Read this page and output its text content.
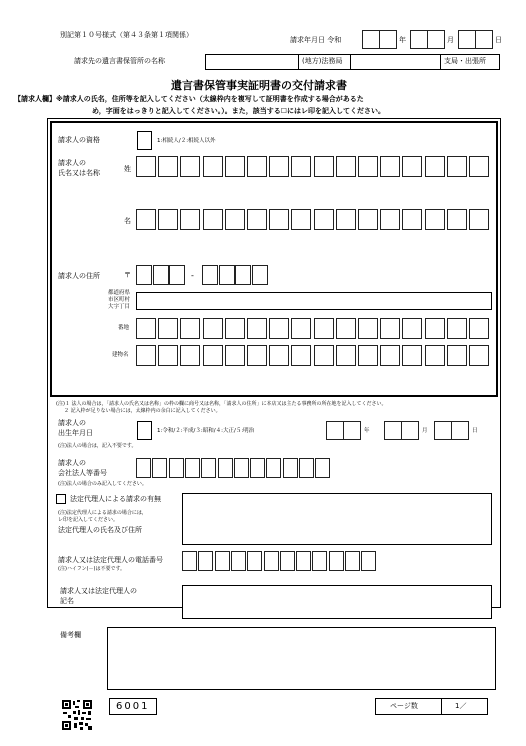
別記第１０号様式（第４３条第１項関係）
請求年月日 令和	年	月	日
請求先の遺言書保管所の名称	(地方)法務局	支局・出張所
遺言書保管事実証明書の交付請求書
【請求人欄】※請求人の氏名，住所等を記入してください（太線枠内を複写して証明書を作成する場合があるた
め，字面をはっきりと記入してください。）。また，該当する☐にはレ印を記入してください。
請求人の資格	1:相続人/２:相続人以外
請求人の
氏名又は名称	姓
名
請求人の住所	〒	-
都道府県
市区町村
大字丁目
番地
建物名
(注)１ 法人の場合は，「請求人の氏名又は名称」の枠の欄に商号又は名称，「請求人の住所」に本店又は主たる事務所の所在地を記入してください。
２ 記入枠が足りない場合には，太線枠内の余白に記入してください。
請求人の
出生年月日	1:令和/２:平成/３:昭和/４:大正/５:明治	年	月	日
(注)法人の場合は，記入不要です。
請求人の
会社法人等番号
(注)法人の場合のみ記入してください。
法定代理人による請求の有無
(注)法定代理人による請求の場合には，
レ印を記入してください。
法定代理人の氏名及び住所
請求人又は法定代理人の電話番号
(注)ハイフン(－)は不要です。
請求人又は法定代理人の
記名
備考欄
6001	ページ数	1／
